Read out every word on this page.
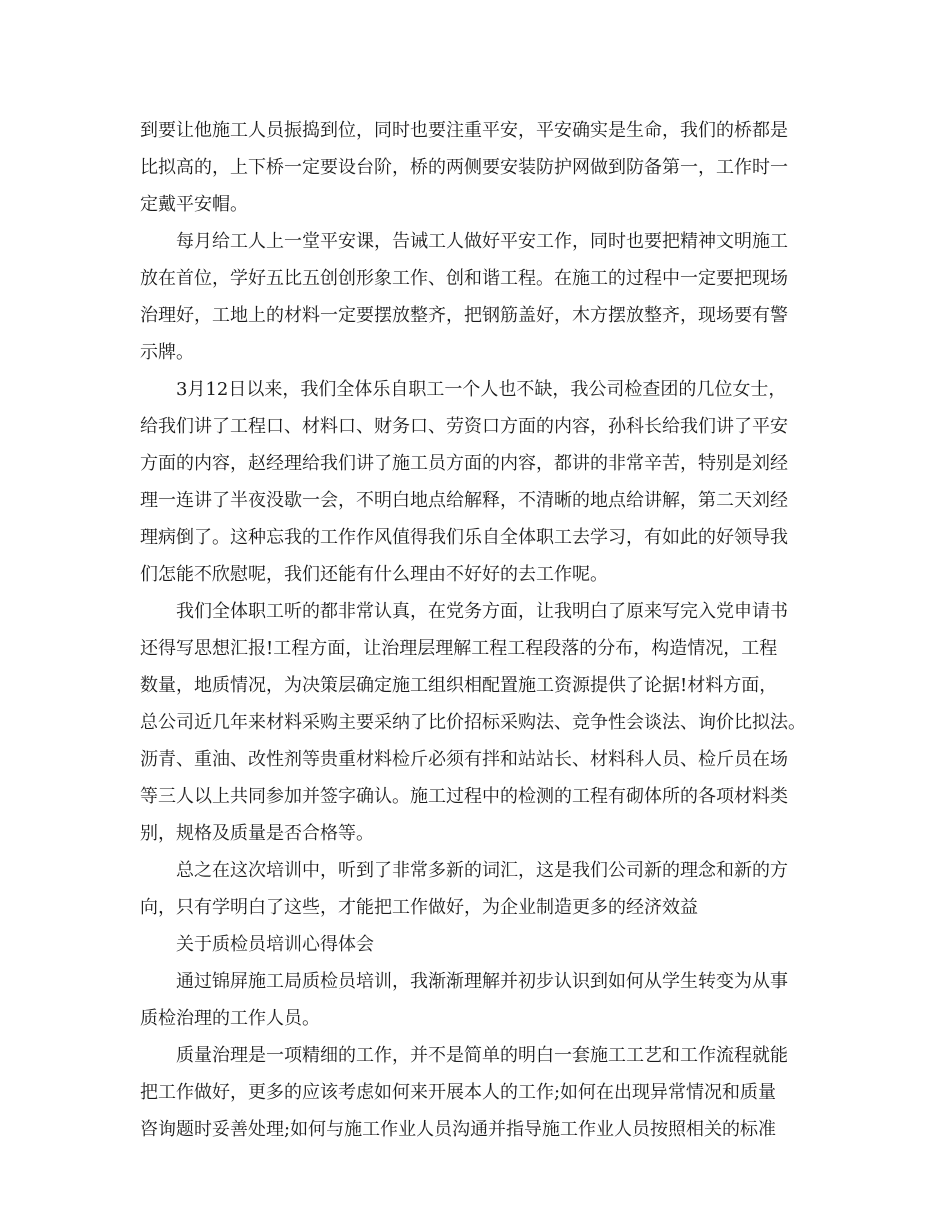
到要让他施工人员振捣到位，同时也要注重平安，平安确实是生命，我们的桥都是
比拟高的，上下桥一定要设台阶，桥的两侧要安装防护网做到防备第一，工作时一
定戴平安帽。
每月给工人上一堂平安课，告诫工人做好平安工作，同时也要把精神文明施工
放在首位，学好五比五创创形象工作、创和谐工程。在施工的过程中一定要把现场
治理好，工地上的材料一定要摆放整齐，把钢筋盖好，木方摆放整齐，现场要有警
示牌。
3月12日以来，我们全体乐自职工一个人也不缺，我公司检查团的几位女士，
给我们讲了工程口、材料口、财务口、劳资口方面的内容，孙科长给我们讲了平安
方面的内容，赵经理给我们讲了施工员方面的内容，都讲的非常辛苦，特别是刘经
理一连讲了半夜没歇一会，不明白地点给解释，不清晰的地点给讲解，第二天刘经
理病倒了。这种忘我的工作作风值得我们乐自全体职工去学习，有如此的好领导我
们怎能不欣慰呢，我们还能有什么理由不好好的去工作呢。
我们全体职工听的都非常认真，在党务方面，让我明白了原来写完入党申请书
还得写思想汇报!工程方面，让治理层理解工程工程段落的分布，构造情况，工程
数量，地质情况，为决策层确定施工组织相配置施工资源提供了论据!材料方面，
总公司近几年来材料采购主要采纳了比价招标采购法、竞争性会谈法、询价比拟法。
沥青、重油、改性剂等贵重材料检斤必须有拌和站站长、材料科人员、检斤员在场
等三人以上共同参加并签字确认。施工过程中的检测的工程有砌体所的各项材料类
别，规格及质量是否合格等。
总之在这次培训中，听到了非常多新的词汇，这是我们公司新的理念和新的方
向，只有学明白了这些，才能把工作做好，为企业制造更多的经济效益
关于质检员培训心得体会
通过锦屏施工局质检员培训，我渐渐理解并初步认识到如何从学生转变为从事
质检治理的工作人员。
质量治理是一项精细的工作，并不是简单的明白一套施工工艺和工作流程就能
把工作做好，更多的应该考虑如何来开展本人的工作;如何在出现异常情况和质量
咨询题时妥善处理;如何与施工作业人员沟通并指导施工作业人员按照相关的标准
